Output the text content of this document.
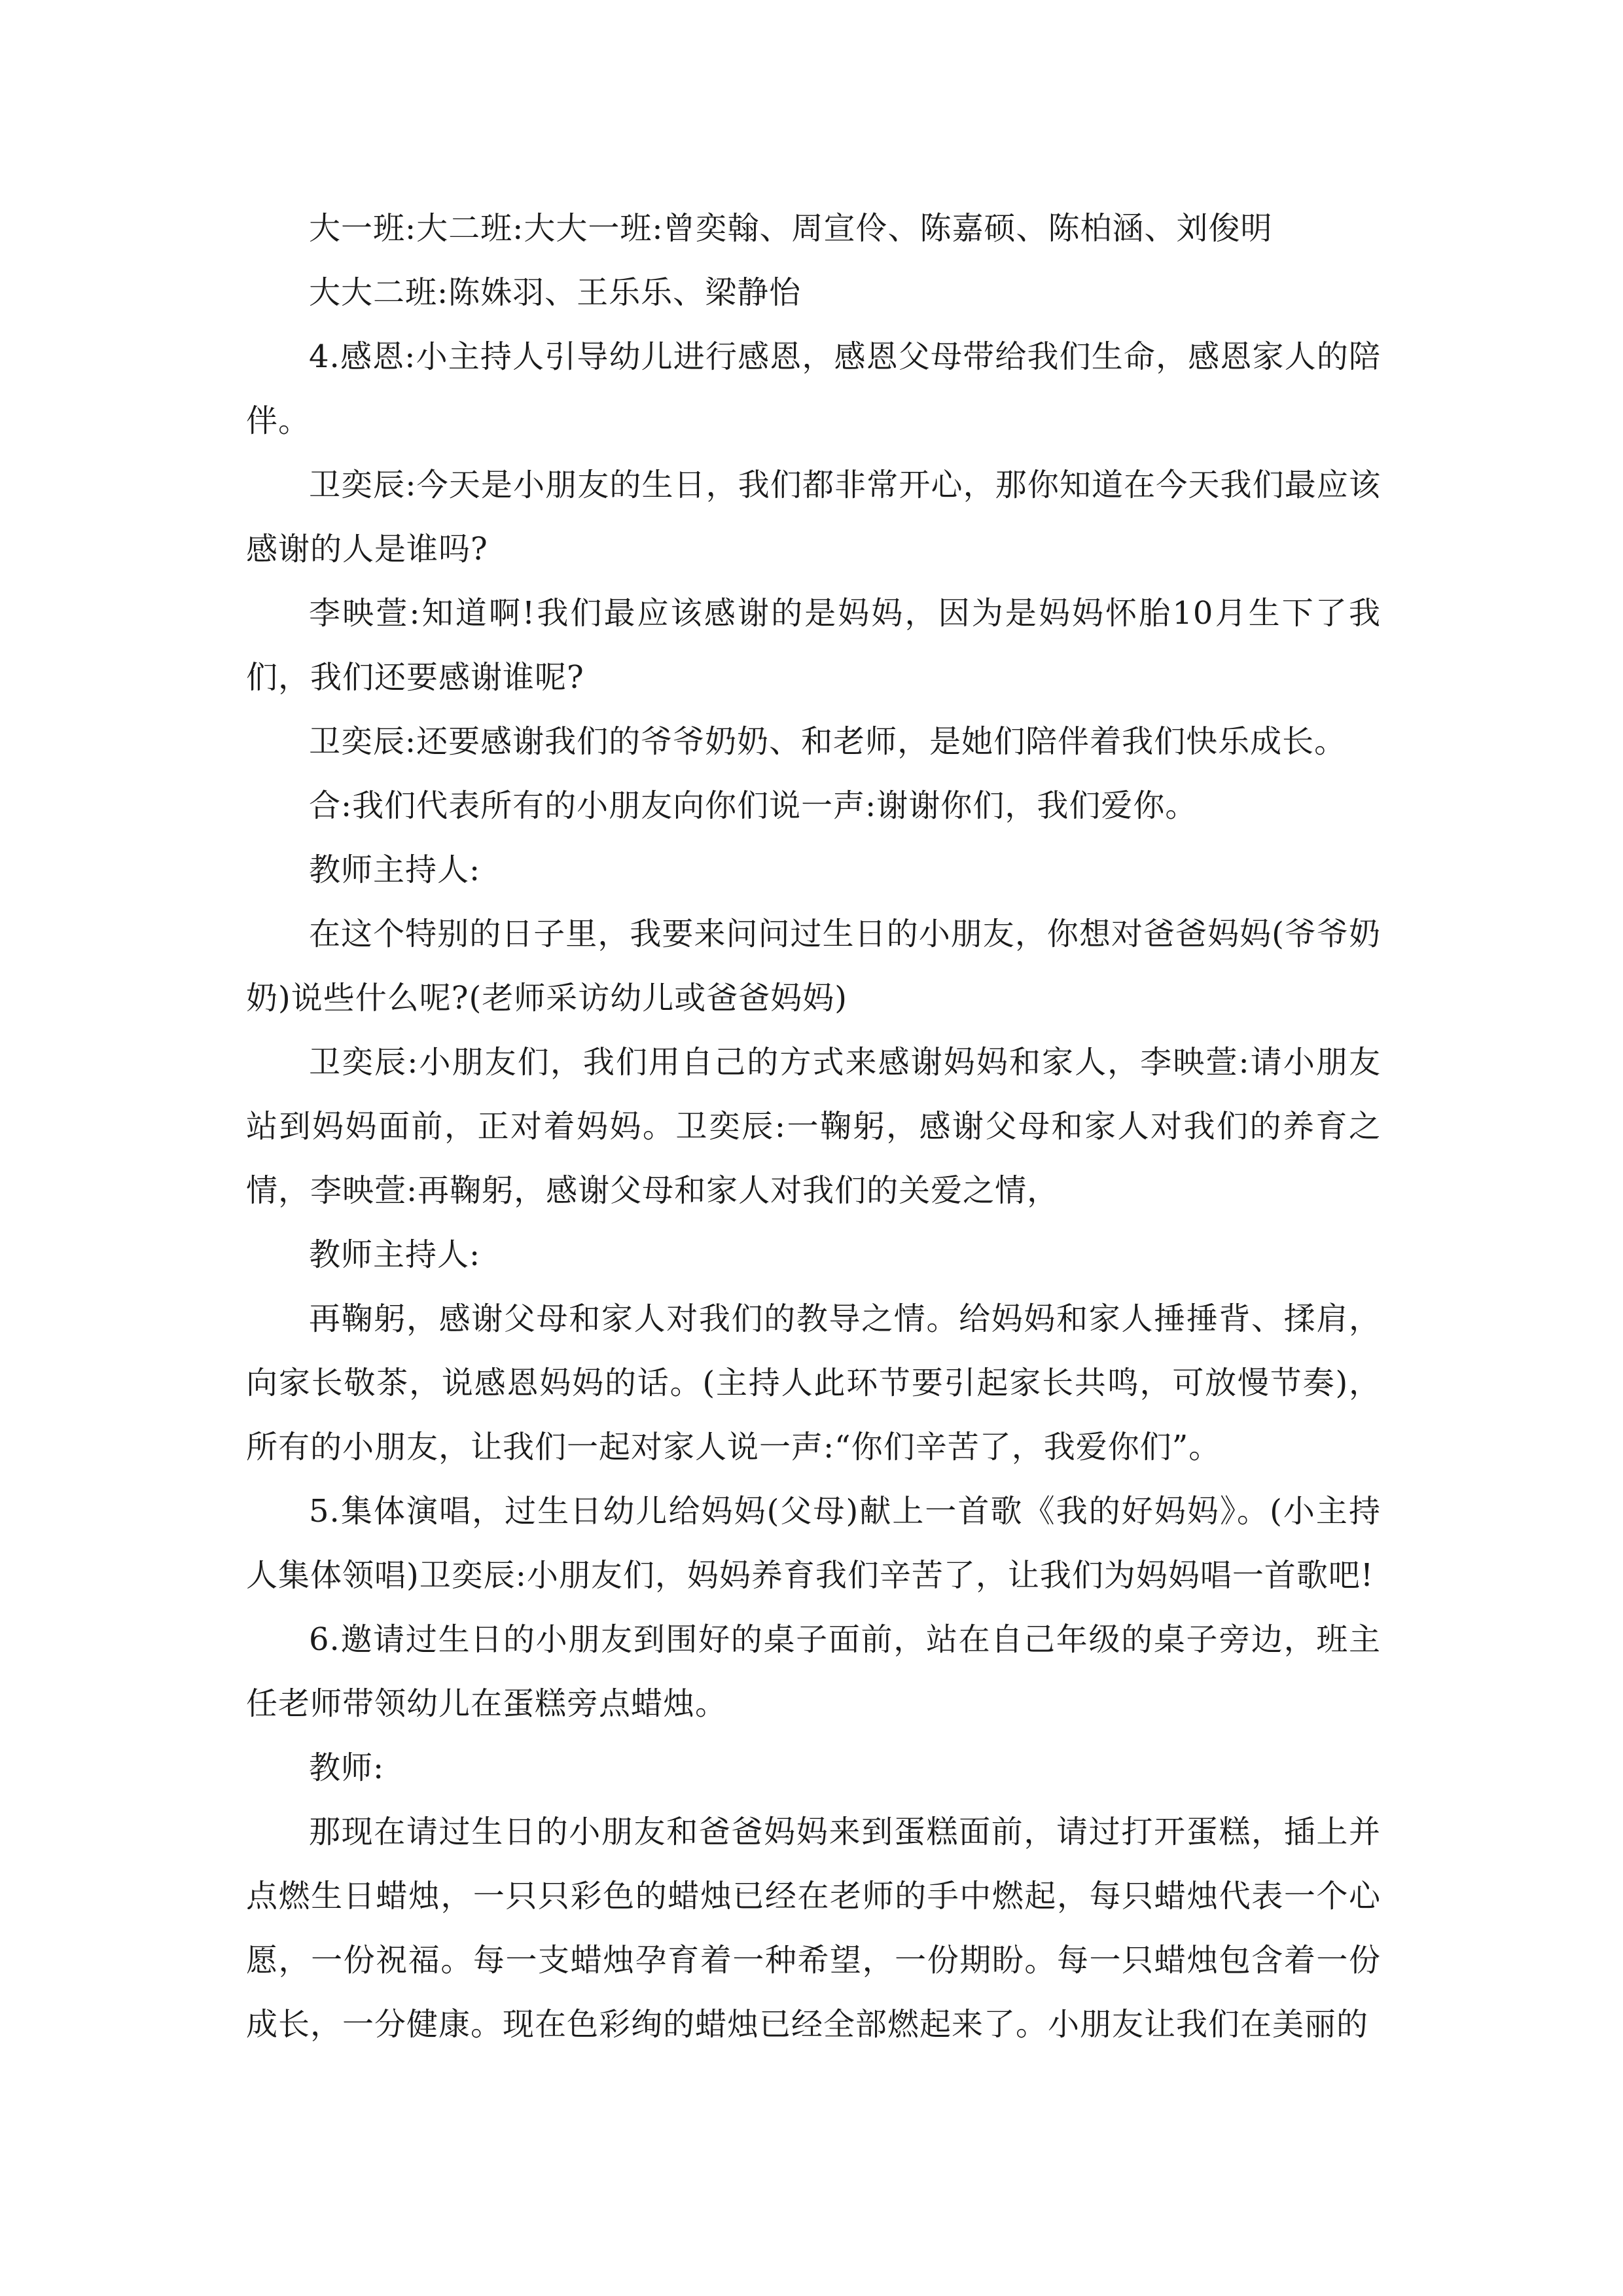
大一班:大二班:大大一班:曾奕翰、周宣伶、陈嘉硕、陈柏涵、刘俊明

大大二班:陈姝羽、王乐乐、梁静怡

4.感恩:小主持人引导幼儿进行感恩，感恩父母带给我们生命，感恩家人的陪伴。

卫奕辰:今天是小朋友的生日，我们都非常开心，那你知道在今天我们最应该感谢的人是谁吗?

李映萱:知道啊!我们最应该感谢的是妈妈，因为是妈妈怀胎10月生下了我们，我们还要感谢谁呢?

卫奕辰:还要感谢我们的爷爷奶奶、和老师，是她们陪伴着我们快乐成长。

合:我们代表所有的小朋友向你们说一声:谢谢你们，我们爱你。

教师主持人:

在这个特别的日子里，我要来问问过生日的小朋友，你想对爸爸妈妈(爷爷奶奶)说些什么呢?(老师采访幼儿或爸爸妈妈)

卫奕辰:小朋友们，我们用自己的方式来感谢妈妈和家人，李映萱:请小朋友站到妈妈面前，正对着妈妈。卫奕辰:一鞠躬，感谢父母和家人对我们的养育之情，李映萱:再鞠躬，感谢父母和家人对我们的关爱之情，

教师主持人:

再鞠躬，感谢父母和家人对我们的教导之情。给妈妈和家人捶捶背、揉肩，向家长敬茶，说感恩妈妈的话。(主持人此环节要引起家长共鸣，可放慢节奏)，所有的小朋友，让我们一起对家人说一声:“你们辛苦了，我爱你们”。

5.集体演唱，过生日幼儿给妈妈(父母)献上一首歌《我的好妈妈》。(小主持人集体领唱)卫奕辰:小朋友们，妈妈养育我们辛苦了，让我们为妈妈唱一首歌吧!

6.邀请过生日的小朋友到围好的桌子面前，站在自己年级的桌子旁边，班主任老师带领幼儿在蛋糕旁点蜡烛。

教师:

那现在请过生日的小朋友和爸爸妈妈来到蛋糕面前，请过打开蛋糕，插上并点燃生日蜡烛，一只只彩色的蜡烛已经在老师的手中燃起，每只蜡烛代表一个心愿，一份祝福。每一支蜡烛孕育着一种希望，一份期盼。每一只蜡烛包含着一份成长，一分健康。现在色彩绚的蜡烛已经全部燃起来了。小朋友让我们在美丽的
